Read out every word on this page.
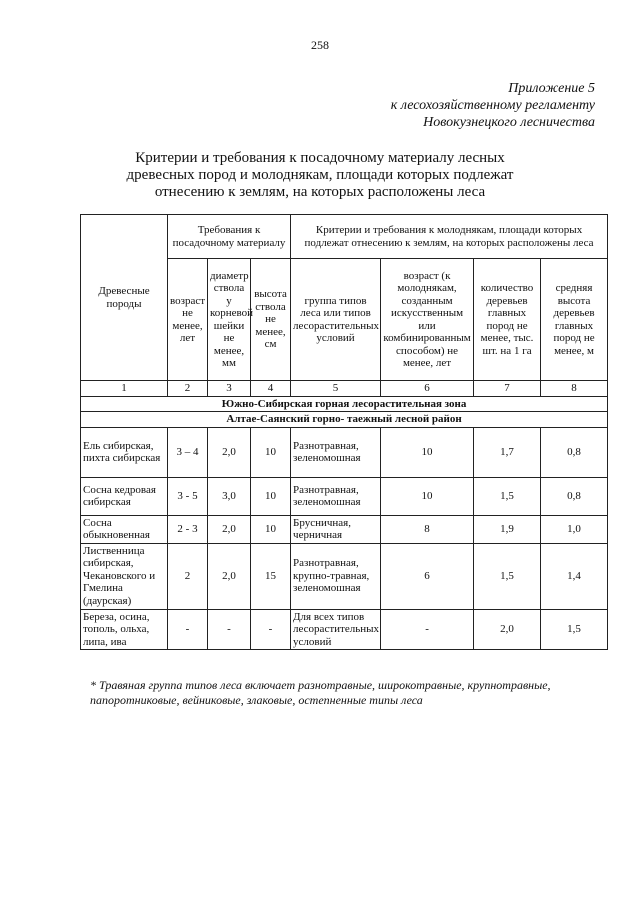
258
Приложение 5
к лесохозяйственному регламенту
Новокузнецкого лесничества
Критерии и требования к посадочному материалу лесных
древесных пород и молоднякам, площади которых подлежат
отнесению к землям, на которых расположены леса
Древесные породы	Требования к посадочному материалу			Критерии и требования к молоднякам, площади которых подлежат отнесению к землям, на которых расположены леса			
	возраст не менее, лет	диаметр ствола у корневой шейки не менее, мм	высота ствола не менее, см	группа типов леса или типов лесорастительных условий	возраст (к молоднякам, созданным искусственным или комбинированным способом) не менее, лет	количество деревьев главных пород не менее, тыс. шт. на 1 га	средняя высота деревьев главных пород не менее, м
1	2	3	4	5	6	7	8
Южно-Сибирская горная лесорастительная зона							
Алтае-Саянский горно- таежный лесной район							
Ель сибирская, пихта сибирская	3 – 4	2,0	10	Разнотравная, зеленомошная	10	1,7	0,8
Сосна кедровая сибирская	3 - 5	3,0	10	Разнотравная, зеленомошная	10	1,5	0,8
Сосна обыкновенная	2 - 3	2,0	10	Брусничная, черничная	8	1,9	1,0
Лиственница сибирская, Чекановского и Гмелина (даурская)	2	2,0	15	Разнотравная, крупно-травная, зеленомошная	6	1,5	1,4
Береза, осина, тополь, ольха, липа, ива	-	-	-	Для всех типов лесорастительных условий	-	2,0	1,5
* Травяная группа типов леса включает разнотравные, широкотравные, крупнотравные, папоротниковые, вейниковые, злаковые, остепненные типы леса
